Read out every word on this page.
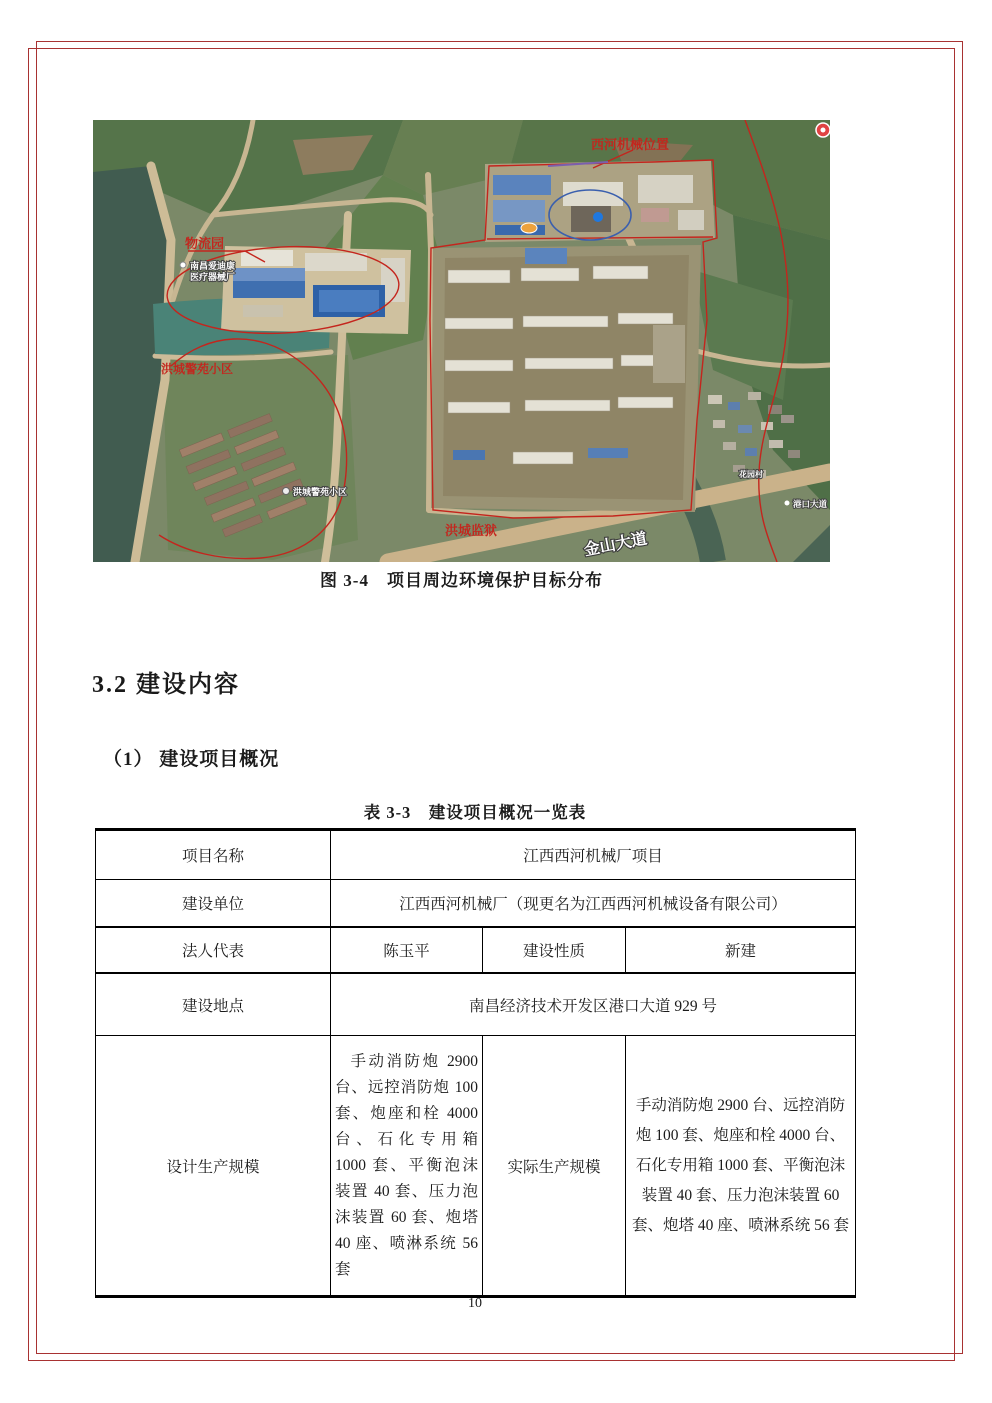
物流园
南昌爱迪康
医疗器械厂
西河机械位置
洪城警苑小区
洪城警苑小区
洪城监狱	金山大道
港口大道
花园村
图 3-4　项目周边环境保护目标分布
3.2 建设内容
（1） 建设项目概况
表 3-3　建设项目概况一览表
项目名称	江西西河机械厂项目		
建设单位	江西西河机械厂（现更名为江西西河机械设备有限公司）		
法人代表	陈玉平	建设性质	新建
建设地点	南昌经济技术开发区港口大道 929 号		
设计生产规模	手动消防炮 2900 台、远控消防炮 100 套、炮座和栓 4000 台、石化专用箱 1000 套、平衡泡沫装置 40 套、压力泡沫装置 60 套、炮塔 40 座、喷淋系统 56 套	实际生产规模	手动消防炮 2900 台、远控消防炮 100 套、炮座和栓 4000 台、石化专用箱 1000 套、平衡泡沫装置 40 套、压力泡沫装置 60 套、炮塔 40 座、喷淋系统 56 套
10
